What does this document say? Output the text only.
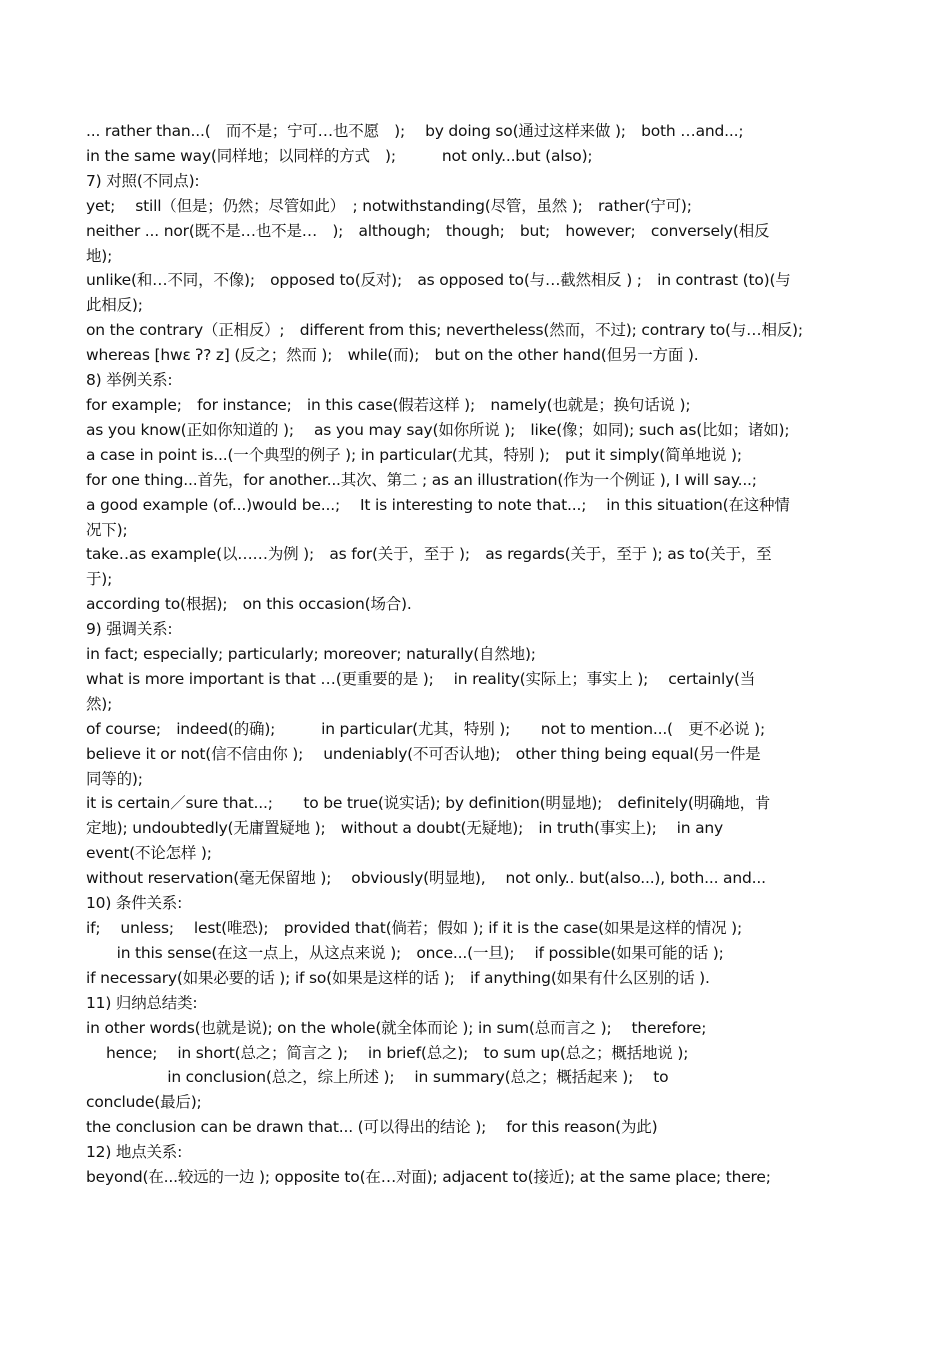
... rather than...(　而不是；宁可…也不愿　);　 by doing so(通过这样来做 );　both …and...;
in the same way(同样地；以同样的方式　);　　　not only...but (also);
7) 对照(不同点):
yet;　 still（但是；仍然；尽管如此）　; notwithstanding(尽管，虽然 );　rather(宁可);
neither ... nor(既不是…也不是…　);　although;　though;　but;　however;　conversely(相反
地);
unlike(和…不同，不像);　opposed to(反对);　as opposed to(与…截然相反 ) ;　in contrast (to)(与
此相反);
on the contrary（正相反）;　different from this; nevertheless(然而，不过); contrary to(与…相反);
whereas [hwɛ ʔ? z] (反之；然而 );　while(而);　but on the other hand(但另一方面 ).
8) 举例关系:
for example;　for instance;　in this case(假若这样 );　namely(也就是；换句话说 );
as you know(正如你知道的 );　 as you may say(如你所说 );　like(像；如同); such as(比如；诸如);
a case in point is...(一个典型的例子 ); in particular(尤其，特别 );　put it simply(简单地说 );
for one thing...首先，for another...其次、第二 ; as an illustration(作为一个例证 ), I will say...;
a good example (of...)would be...;　 It is interesting to note that...;　 in this situation(在这种情
况下);
take‥as example(以……为例 );　as for(关于，至于 );　as regards(关于，至于 ); as to(关于，至
于);
according to(根据);　on this occasion(场合).
9) 强调关系:
in fact; especially; particularly; moreover; naturally(自然地);
what is more important is that …(更重要的是 );　 in reality(实际上；事实上 );　 certainly(当
然);
of course;　indeed(的确);　　　in particular(尤其，特别 );　　not to mention...(　更不必说 );
believe it or not(信不信由你 );　 undeniably(不可否认地);　other thing being equal(另一件是
同等的);
it is certain／sure that...;　　to be true(说实话); by definition(明显地);　definitely(明确地，肯
定地); undoubtedly(无庸置疑地 );　without a doubt(无疑地);　in truth(事实上);　 in any
event(不论怎样 );
without reservation(毫无保留地 );　 obviously(明显地),　 not only.. but(also...), both... and...
10) 条件关系:
if;　 unless;　 lest(唯恐);　provided that(倘若；假如 ); if it is the case(如果是这样的情况 );
　　in this sense(在这一点上，从这点来说 );　once...(一旦);　 if possible(如果可能的话 );
if necessary(如果必要的话 ); if so(如果是这样的话 );　if anything(如果有什么区别的话 ).
11) 归纳总结类:
in other words(也就是说); on the whole(就全体而论 ); in sum(总而言之 );　 therefore;
　 hence;　 in short(总之；简言之 );　 in brief(总之);　to sum up(总之；概括地说 );
　　　　　 in conclusion(总之，综上所述 );　 in summary(总之；概括起来 );　 to
conclude(最后);
the conclusion can be drawn that... (可以得出的结论 );　 for this reason(为此)
12) 地点关系:
beyond(在...较远的一边 ); opposite to(在…对面); adjacent to(接近); at the same place; there;
